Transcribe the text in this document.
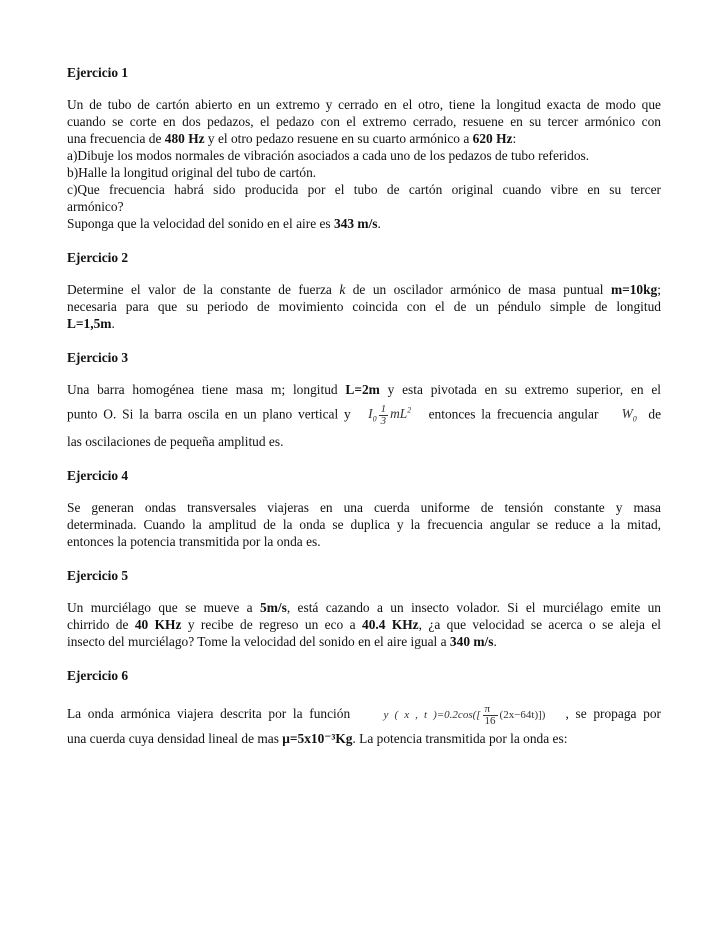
Ejercicio 1
Un de tubo de cartón abierto en un extremo y cerrado en el otro, tiene la longitud exacta de modo que
cuando se corte en dos pedazos, el pedazo con el extremo cerrado, resuene en su tercer armónico con
una frecuencia de 480 Hz y el otro pedazo resuene en su cuarto armónico a 620 Hz:
a)Dibuje los modos normales de vibración asociados a cada uno de los pedazos de tubo referidos.
b)Halle la longitud original del tubo de cartón.
c)Que frecuencia habrá sido producida por el tubo de cartón original cuando vibre en su tercer
armónico?
Suponga que la velocidad del sonido en el aire es 343 m/s.
Ejercicio 2
Determine el valor de la constante de fuerza k de un oscilador armónico de masa puntual m=10kg;
necesaria para que su periodo de movimiento coincida con el de un péndulo simple de longitud
L=1,5m.
Ejercicio 3
Una barra homogénea tiene masa m; longitud L=2m y esta pivotada en su extremo superior, en el
punto O. Si la barra oscila en un plano vertical y $I_0 \frac{1}{3} mL^2$ entonces la frecuencia angular $W_0$ de
las oscilaciones de pequeña amplitud es.
Ejercicio 4
Se generan ondas transversales viajeras en una cuerda uniforme de tensión constante y masa
determinada. Cuando la amplitud de la onda se duplica y la frecuencia angular se reduce a la mitad,
entonces la potencia transmitida por la onda es.
Ejercicio 5
Un murciélago que se mueve a 5m/s, está cazando a un insecto volador. Si el murciélago emite un
chirrido de 40 KHz y recibe de regreso un eco a 40.4 KHz, ¿a que velocidad se acerca o se aleja el
insecto del murciélago? Tome la velocidad del sonido en el aire igual a 340 m/s.
Ejercicio 6
La onda armónica viajera descrita por la función	y ( x , t )$=0.2\cos([ \frac{\pi}{16} (2x-64t)])$ , se propaga por
una cuerda cuya densidad lineal de mas μ=5x10⁻³Kg. La potencia transmitida por la onda es:
